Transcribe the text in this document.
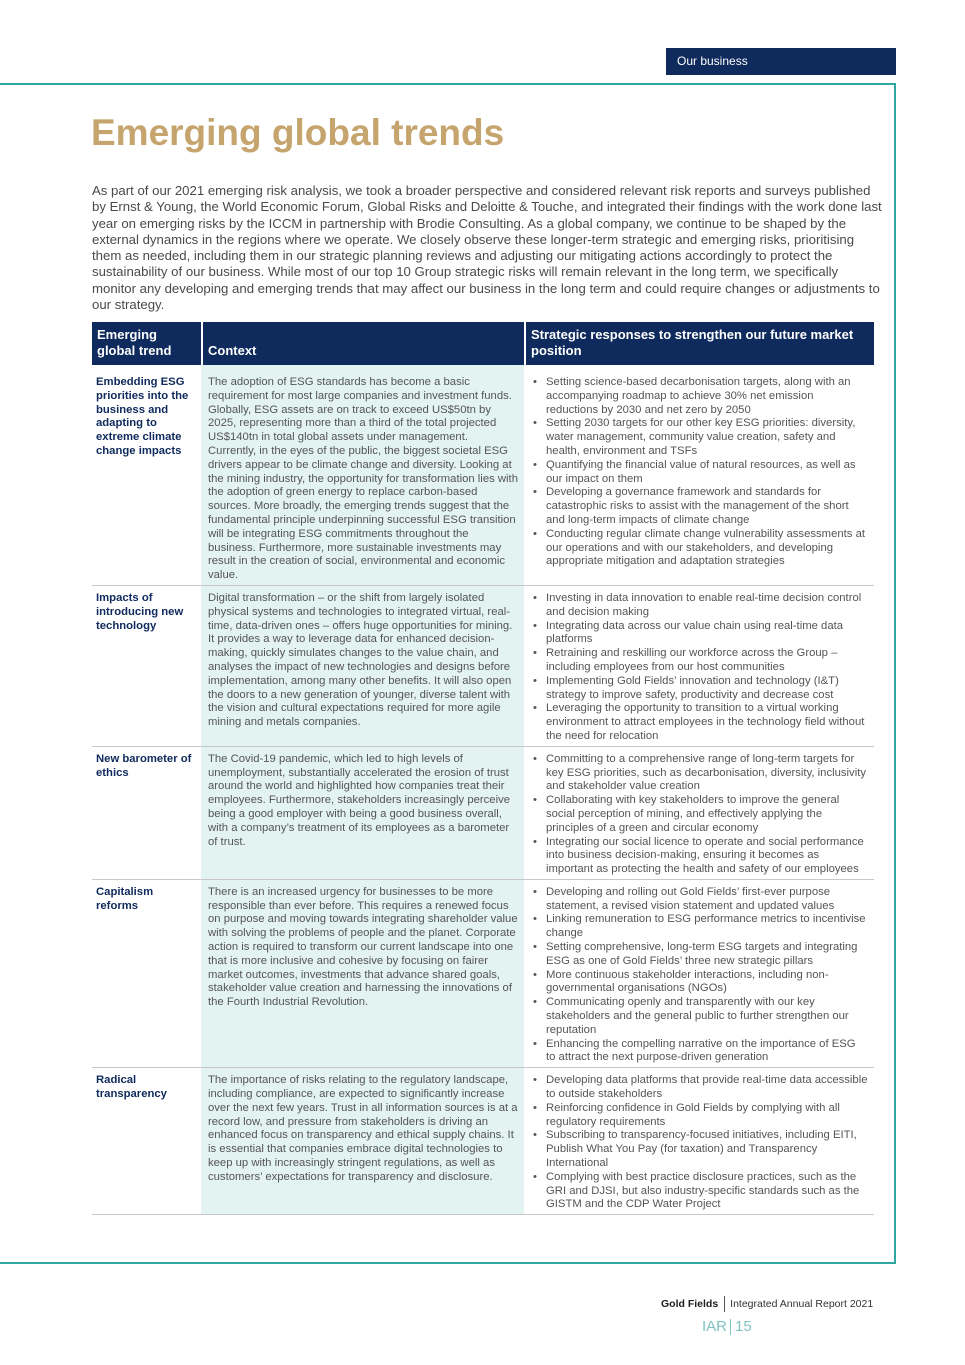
Our business
Emerging global trends

As part of our 2021 emerging risk analysis, we took a broader perspective and considered relevant risk reports and surveys published by Ernst & Young, the World Economic Forum, Global Risks and Deloitte & Touche, and integrated their findings with the work done last year on emerging risks by the ICCM in partnership with Brodie Consulting. As a global company, we continue to be shaped by the external dynamics in the regions where we operate. We closely observe these longer-term strategic and emerging risks, prioritising them as needed, including them in our strategic planning reviews and adjusting our mitigating actions accordingly to protect the sustainability of our business. While most of our top 10 Group strategic risks will remain relevant in the long term, we specifically monitor any developing and emerging trends that may affect our business in the long term and could require changes or adjustments to our strategy.

Emerging global trend	Context
Strategic responses to strengthen our future market position
Embedding ESG priorities into the business and adapting to extreme climate change impacts
The adoption of ESG standards has become a basic requirement for most large companies and investment funds. Globally, ESG assets are on track to exceed US$50tn by 2025, representing more than a third of the total projected US$140tn in total global assets under management. Currently, in the eyes of the public, the biggest societal ESG drivers appear to be climate change and diversity. Looking at the mining industry, the opportunity for transformation lies with the adoption of green energy to replace carbon-based sources. More broadly, the emerging trends suggest that the fundamental principle underpinning successful ESG transition will be integrating ESG commitments throughout the business. Furthermore, more sustainable investments may result in the creation of social, environmental and economic value.
• Setting science-based decarbonisation targets, along with an accompanying roadmap to achieve 30% net emission reductions by 2030 and net zero by 2050
• Setting 2030 targets for our other key ESG priorities: diversity, water management, community value creation, safety and health, environment and TSFs
• Quantifying the financial value of natural resources, as well as our impact on them
• Developing a governance framework and standards for catastrophic risks to assist with the management of the short and long-term impacts of climate change
• Conducting regular climate change vulnerability assessments at our operations and with our stakeholders, and developing appropriate mitigation and adaptation strategies
Impacts of introducing new technology
Digital transformation – or the shift from largely isolated physical systems and technologies to integrated virtual, real-time, data-driven ones – offers huge opportunities for mining. It provides a way to leverage data for enhanced decision-making, quickly simulates changes to the value chain, and analyses the impact of new technologies and designs before implementation, among many other benefits. It will also open the doors to a new generation of younger, diverse talent with the vision and cultural expectations required for more agile mining and metals companies.
• Investing in data innovation to enable real-time decision control and decision making
• Integrating data across our value chain using real-time data platforms
• Retraining and reskilling our workforce across the Group – including employees from our host communities
• Implementing Gold Fields’ innovation and technology (I&T) strategy to improve safety, productivity and decrease cost
• Leveraging the opportunity to transition to a virtual working environment to attract employees in the technology field without the need for relocation
New barometer of ethics
The Covid-19 pandemic, which led to high levels of unemployment, substantially accelerated the erosion of trust around the world and highlighted how companies treat their employees. Furthermore, stakeholders increasingly perceive being a good employer with being a good business overall, with a company’s treatment of its employees as a barometer of trust.
• Committing to a comprehensive range of long-term targets for key ESG priorities, such as decarbonisation, diversity, inclusivity and stakeholder value creation
• Collaborating with key stakeholders to improve the general social perception of mining, and effectively applying the principles of a green and circular economy
• Integrating our social licence to operate and social performance into business decision-making, ensuring it becomes as important as protecting the health and safety of our employees
Capitalism reforms
There is an increased urgency for businesses to be more responsible than ever before. This requires a renewed focus on purpose and moving towards integrating shareholder value with solving the problems of people and the planet. Corporate action is required to transform our current landscape into one that is more inclusive and cohesive by focusing on fairer market outcomes, investments that advance shared goals, stakeholder value creation and harnessing the innovations of the Fourth Industrial Revolution.
• Developing and rolling out Gold Fields’ first-ever purpose statement, a revised vision statement and updated values
• Linking remuneration to ESG performance metrics to incentivise change
• Setting comprehensive, long-term ESG targets and integrating ESG as one of Gold Fields’ three new strategic pillars
• More continuous stakeholder interactions, including non-governmental organisations (NGOs)
• Communicating openly and transparently with our key stakeholders and the general public to further strengthen our reputation
• Enhancing the compelling narrative on the importance of ESG to attract the next purpose-driven generation
Radical transparency
The importance of risks relating to the regulatory landscape, including compliance, are expected to significantly increase over the next few years. Trust in all information sources is at a record low, and pressure from stakeholders is driving an enhanced focus on transparency and ethical supply chains. It is essential that companies embrace digital technologies to keep up with increasingly stringent regulations, as well as customers’ expectations for transparency and disclosure.
• Developing data platforms that provide real-time data accessible to outside stakeholders
• Reinforcing confidence in Gold Fields by complying with all regulatory requirements
• Subscribing to transparency-focused initiatives, including EITI, Publish What You Pay (for taxation) and Transparency International
• Complying with best practice disclosure practices, such as the GRI and DJSI, but also industry-specific standards such as the GISTM and the CDP Water Project
Gold Fields Integrated Annual Report 2021
IAR 15
